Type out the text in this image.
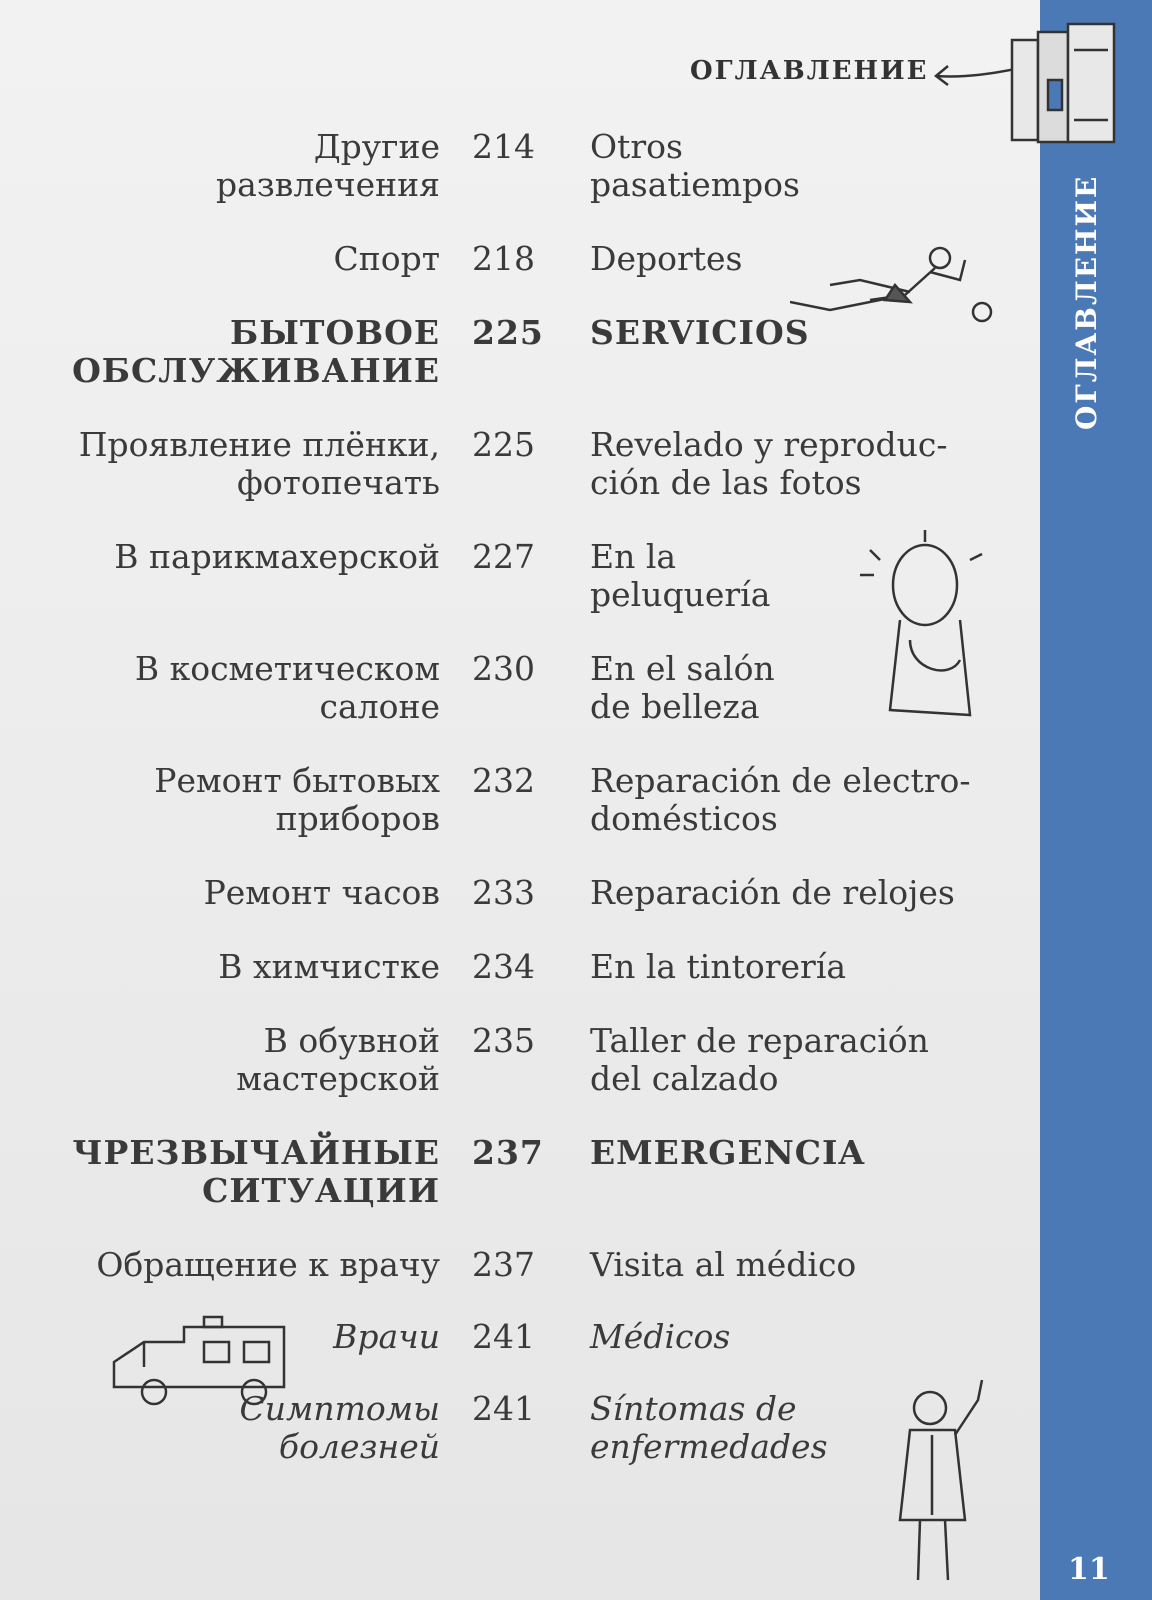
ОГЛАВЛЕНИЕ
11
ОГЛАВЛЕНИЕ
Другие
развлечения
214	Otros
pasatiempos
Спорт 218	Deportes
БЫТОВОЕ
ОБСЛУЖИВАНИЕ
225	SERVICIOS
Проявление плёнки,
фотопечать
225	Revelado y reproduc-
ción de las fotos
В парикмахерской 227	En la
peluquería
В косметическом
салоне
230	En el salón
de belleza
Ремонт бытовых
приборов
232	Reparación de electro-
domésticos
Ремонт часов 233	Reparación de relojes
В химчистке 234	En la tintorería
В обувной
мастерской
235	Taller de reparación
del calzado
ЧРЕЗВЫЧАЙНЫЕ
СИТУАЦИИ
237	EMERGENCIA
Обращение к врачу 237	Visita al médico
Врачи 241	Médicos
Симптомы
болезней
241	Síntomas de
enfermedades
